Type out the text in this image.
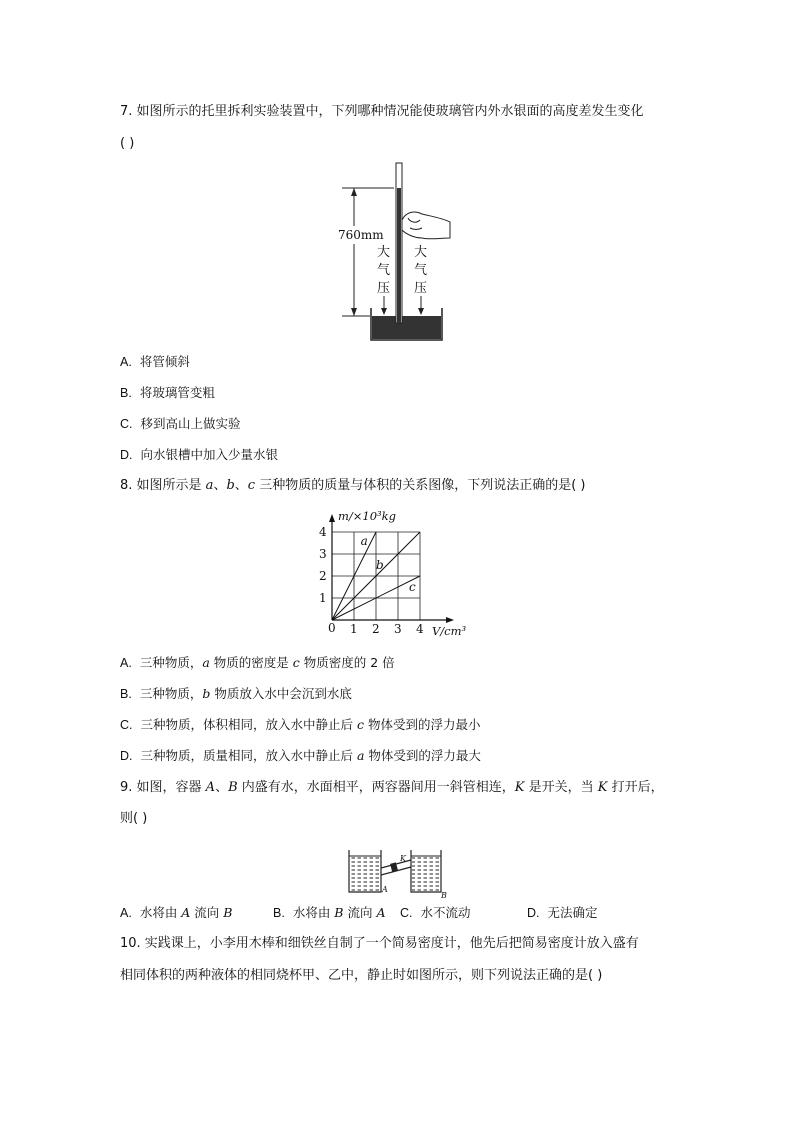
7. 如图所示的托里拆利实验装置中，下列哪种情况能使玻璃管内外水银面的高度差发生变化
( )
760mm
大
气
压
大
气
压
A. 将管倾斜
B. 将玻璃管变粗
C. 移到高山上做实验
D. 向水银槽中加入少量水银
8. 如图所示是 a、b、c 三种物质的质量与体积的关系图像，下列说法正确的是( )
a
b
c
1 2 3 4
1
2
3
4
m/×10³kg
V/cm³
0
A. 三种物质，a 物质的密度是 c 物质密度的 2 倍
B. 三种物质，b 物质放入水中会沉到水底
C. 三种物质，体积相同，放入水中静止后 c 物体受到的浮力最小
D. 三种物质，质量相同，放入水中静止后 a 物体受到的浮力最大
9. 如图，容器 A、B 内盛有水，水面相平，两容器间用一斜管相连，K 是开关，当 K 打开后，
则( )
K
A
B
A. 水将由 A 流向 B	B. 水将由 B 流向 A C. 水不流动	D. 无法确定
10. 实践课上，小李用木棒和细铁丝自制了一个简易密度计，他先后把简易密度计放入盛有
相同体积的两种液体的相同烧杯甲、乙中，静止时如图所示，则下列说法正确的是( )
